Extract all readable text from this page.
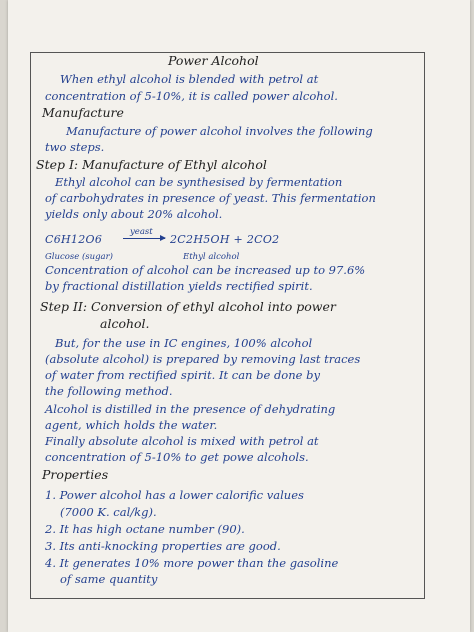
Power Alcohol
When ethyl alcohol is blended with petrol at
concentration of 5-10%, it is called power alcohol.
Manufacture
Manufacture of power alcohol involves the following
two steps.
Step I: Manufacture of Ethyl alcohol
Ethyl alcohol can be synthesised by fermentation
of carbohydrates in presence of yeast. This fermentation
yields only about 20% alcohol.
C6H12O6
yeast
→ 2C2H5OH + 2CO2
Glucose (sugar)	Ethyl alcohol
Concentration of alcohol can be increased up to 97.6%
by fractional distillation yields rectified spirit.
Step II: Conversion of ethyl alcohol into power
alcohol.
But, for the use in IC engines, 100% alcohol
(absolute alcohol) is prepared by removing last traces
of water from rectified spirit. It can be done by
the following method.
Alcohol is distilled in the presence of dehydrating
agent, which holds the water.
Finally absolute alcohol is mixed with petrol at
concentration of 5-10% to get powe alcohols.
Properties
1. Power alcohol has a lower calorific values
(7000 K. cal/kg).
2. It has high octane number (90).
3. Its anti-knocking properties are good.
4. It generates 10% more power than the gasoline
of same quantity
